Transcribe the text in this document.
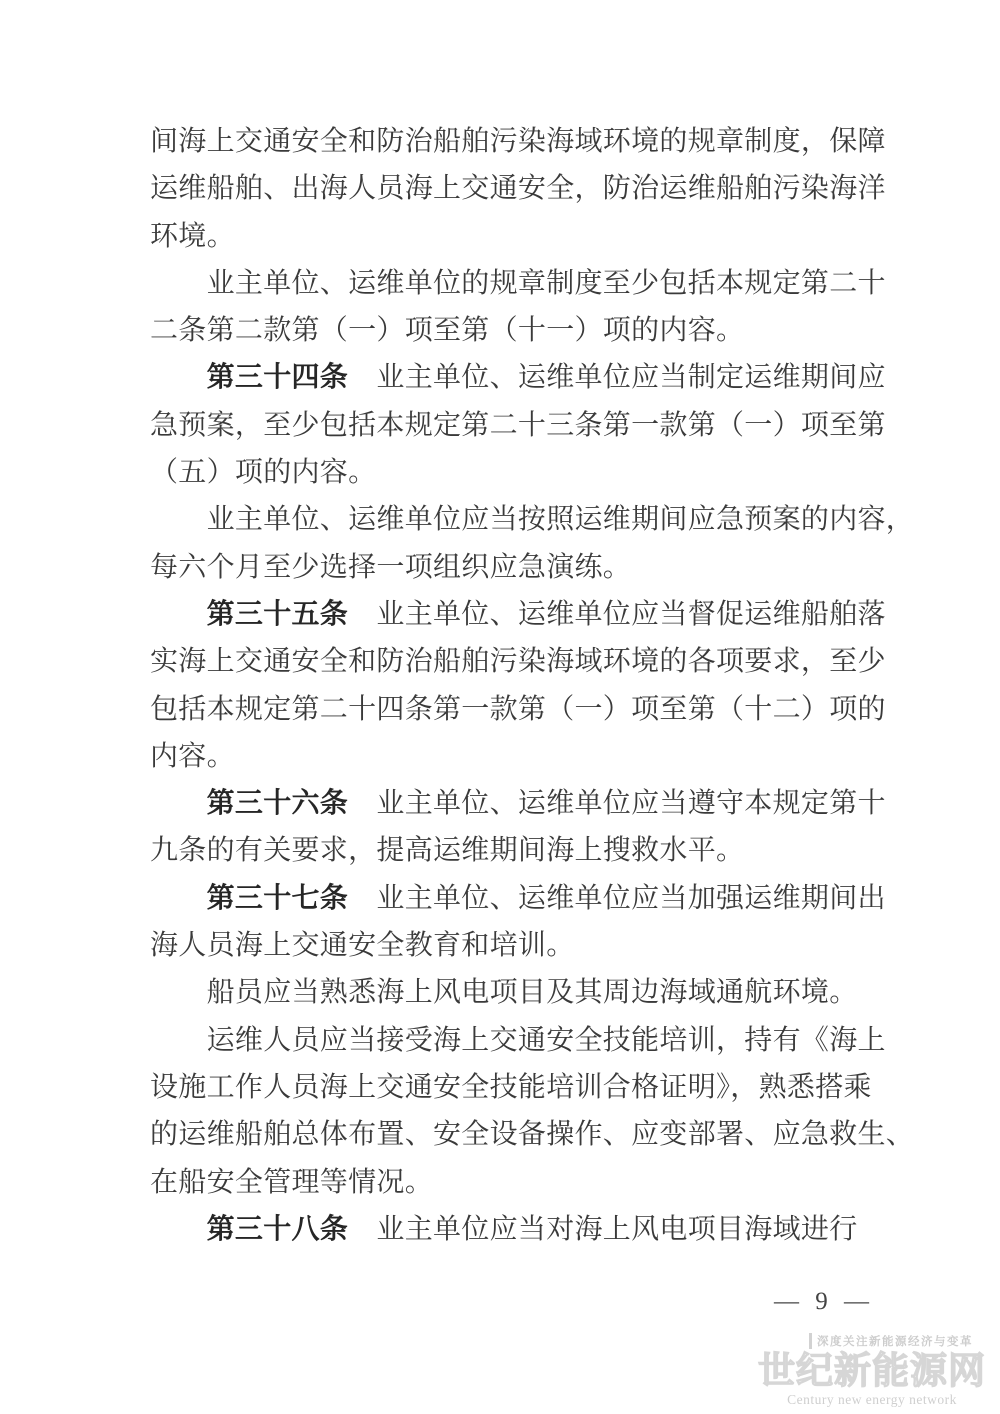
间海上交通安全和防治船舶污染海域环境的规章制度，保障
运维船舶、出海人员海上交通安全，防治运维船舶污染海洋
环境。
　　业主单位、运维单位的规章制度至少包括本规定第二十
二条第二款第（一）项至第（十一）项的内容。
　　第三十四条　业主单位、运维单位应当制定运维期间应
急预案，至少包括本规定第二十三条第一款第（一）项至第
（五）项的内容。
　　业主单位、运维单位应当按照运维期间应急预案的内容，
每六个月至少选择一项组织应急演练。
　　第三十五条　业主单位、运维单位应当督促运维船舶落
实海上交通安全和防治船舶污染海域环境的各项要求，至少
包括本规定第二十四条第一款第（一）项至第（十二）项的
内容。
　　第三十六条　业主单位、运维单位应当遵守本规定第十
九条的有关要求，提高运维期间海上搜救水平。
　　第三十七条　业主单位、运维单位应当加强运维期间出
海人员海上交通安全教育和培训。
　　船员应当熟悉海上风电项目及其周边海域通航环境。
　　运维人员应当接受海上交通安全技能培训，持有《海上
设施工作人员海上交通安全技能培训合格证明》，熟悉搭乘
的运维船舶总体布置、安全设备操作、应变部署、应急救生、
在船安全管理等情况。
　　第三十八条　业主单位应当对海上风电项目海域进行
— 9 —
深度关注新能源经济与变革
世纪新能源网
Century new energy network
